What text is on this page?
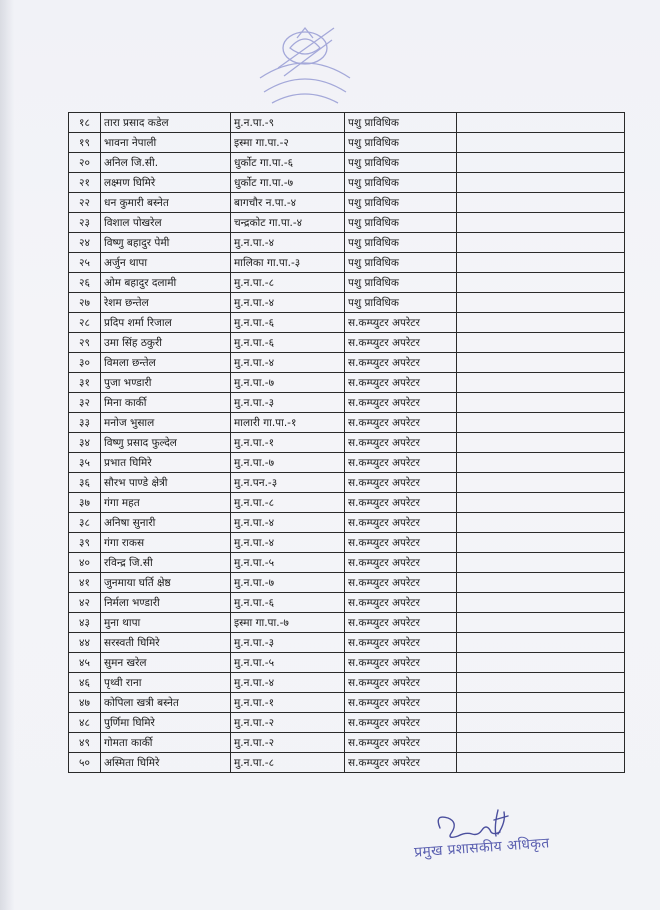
१८	तारा प्रसाद कडेल	मु.न.पा.-९	पशु प्राविधिक	
१९	भावना नेपाली	इस्मा गा.पा.-२	पशु प्राविधिक	
२०	अनिल जि.सी.	धुर्कोट गा.पा.-६	पशु प्राविधिक	
२१	लक्ष्मण घिमिरे	धुर्कोट गा.पा.-७	पशु प्राविधिक	
२२	धन कुमारी बस्नेत	बागचौर न.पा.-४	पशु प्राविधिक	
२३	विशाल पोखरेल	चन्द्रकोट गा.पा.-४	पशु प्राविधिक	
२४	विष्णु बहादुर पेमी	मु.न.पा.-४	पशु प्राविधिक	
२५	अर्जुन थापा	मालिका गा.पा.-३	पशु प्राविधिक	
२६	ओम बहादुर दलामी	मु.न.पा.-८	पशु प्राविधिक	
२७	रेशम छन्तेल	मु.न.पा.-४	पशु प्राविधिक	
२८	प्रदिप शर्मा रिजाल	मु.न.पा.-६	स.कम्प्युटर अपरेटर	
२९	उमा सिंह ठकुरी	मु.न.पा.-६	स.कम्प्युटर अपरेटर	
३०	विमला छन्तेल	मु.न.पा.-४	स.कम्प्युटर अपरेटर	
३१	पुजा भण्डारी	मु.न.पा.-७	स.कम्प्युटर अपरेटर	
३२	मिना कार्की	मु.न.पा.-३	स.कम्प्युटर अपरेटर	
३३	मनोज भुसाल	मालारी गा.पा.-१	स.कम्प्युटर अपरेटर	
३४	विष्णु प्रसाद फुल्देल	मु.न.पा.-१	स.कम्प्युटर अपरेटर	
३५	प्रभात घिमिरे	मु.न.पा.-७	स.कम्प्युटर अपरेटर	
३६	सौरभ पाण्डे क्षेत्री	मु.न.पन.-३	स.कम्प्युटर अपरेटर	
३७	गंगा महत	मु.न.पा.-८	स.कम्प्युटर अपरेटर	
३८	अनिषा सुनारी	मु.न.पा.-४	स.कम्प्युटर अपरेटर	
३९	गंगा राकस	मु.न.पा.-४	स.कम्प्युटर अपरेटर	
४०	रविन्द्र जि.सी	मु.न.पा.-५	स.कम्प्युटर अपरेटर	
४१	जुनमाया घर्ति क्षेष्ठ	मु.न.पा.-७	स.कम्प्युटर अपरेटर	
४२	निर्मला भण्डारी	मु.न.पा.-६	स.कम्प्युटर अपरेटर	
४३	मुना थापा	इस्मा गा.पा.-७	स.कम्प्युटर अपरेटर	
४४	सरस्वती घिमिरे	मु.न.पा.-३	स.कम्प्युटर अपरेटर	
४५	सुमन खरेल	मु.न.पा.-५	स.कम्प्युटर अपरेटर	
४६	पृथ्वी राना	मु.न.पा.-४	स.कम्प्युटर अपरेटर	
४७	कोपिला खत्री बस्नेत	मु.न.पा.-१	स.कम्प्युटर अपरेटर	
४८	पुर्णिमा घिमिरे	मु.न.पा.-२	स.कम्प्युटर अपरेटर	
४९	गोमता कार्की	मु.न.पा.-२	स.कम्प्युटर अपरेटर	
५०	अस्मिता घिमिरे	मु.न.पा.-८	स.कम्प्युटर अपरेटर	
प्रमुख प्रशासकीय अधिकृत
